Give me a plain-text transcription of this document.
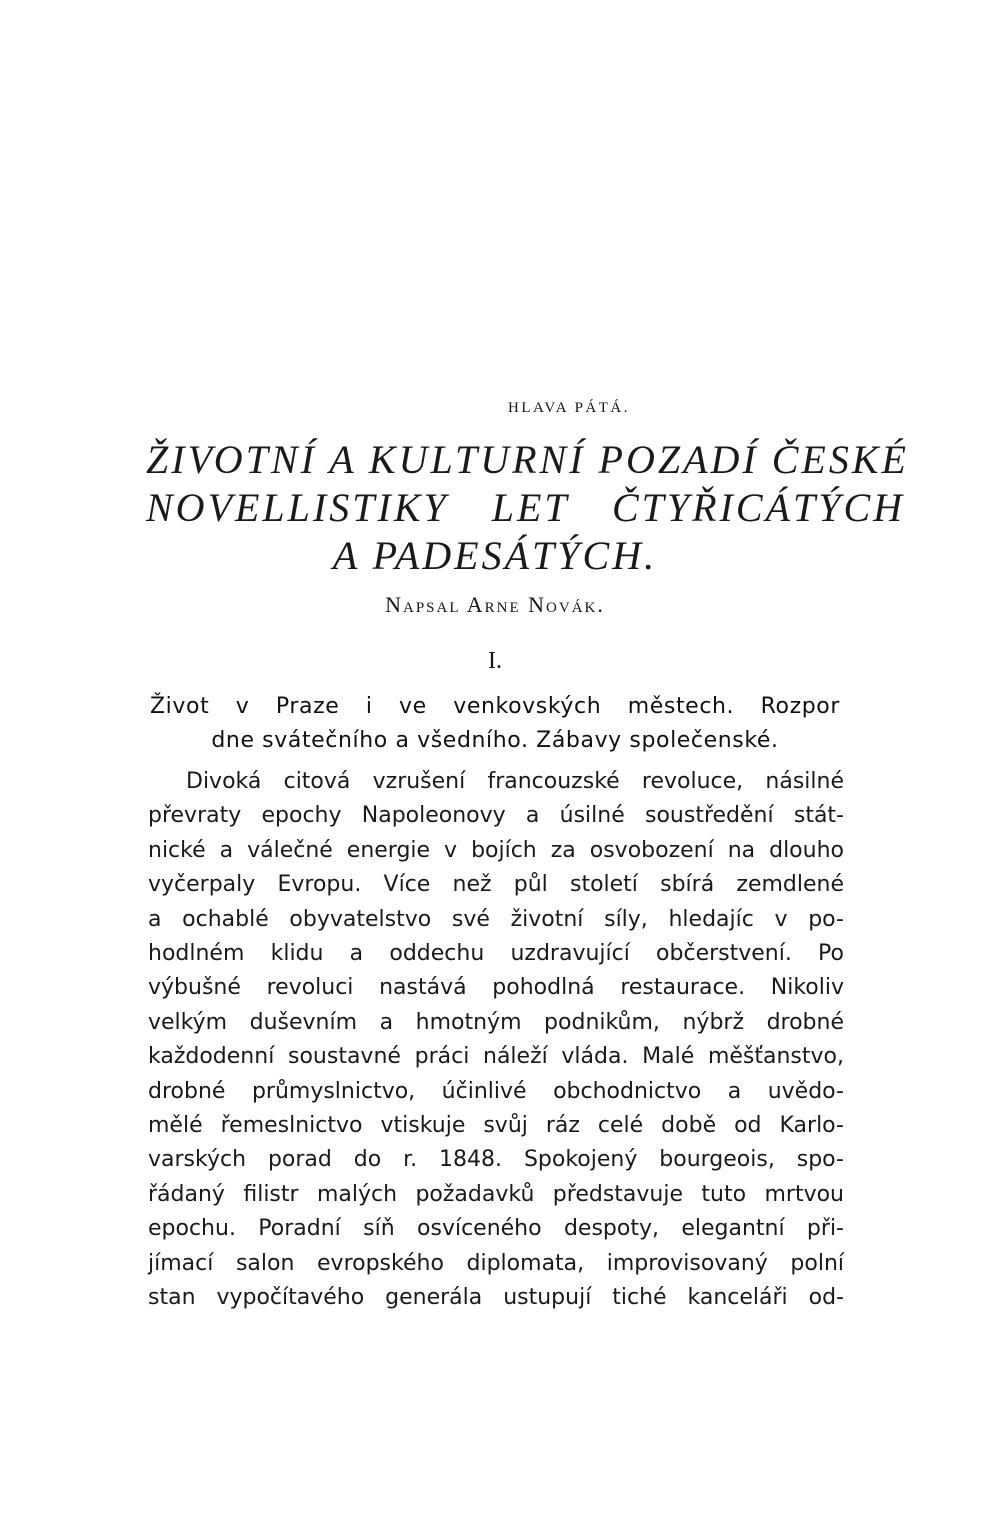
HLAVA PÁTÁ.
ŽIVOTNÍ A KULTURNÍ POZADÍ ČESKÉ
NOVELLISTIKY LET ČTYŘICÁTÝCH
A PADESÁTÝCH.
Napsal Arne Novák.
I.
Život v Praze i ve venkovských městech. Rozpor
dne svátečního a všedního. Zábavy společenské.
Divoká citová vzrušení francouzské revoluce, násilné
převraty epochy Napoleonovy a úsilné soustředění stát-
nické a válečné energie v bojích za osvobození na dlouho
vyčerpaly Evropu. Více než půl století sbírá zemdlené
a ochablé obyvatelstvo své životní síly, hledajíc v po-
hodlném klidu a oddechu uzdravující občerstvení. Po
výbušné revoluci nastává pohodlná restaurace. Nikoliv
velkým duševním a hmotným podnikům, nýbrž drobné
každodenní soustavné práci náleží vláda. Malé měšťanstvo,
drobné průmyslnictvo, účinlivé obchodnictvo a uvědo-
mělé řemeslnictvo vtiskuje svůj ráz celé době od Karlo-
varských porad do r. 1848. Spokojený bourgeois, spo-
řádaný filistr malých požadavků představuje tuto mrtvou
epochu. Poradní síň osvíceného despoty, elegantní při-
jímací salon evropského diplomata, improvisovaný polní
stan vypočítavého generála ustupují tiché kanceláři od-
